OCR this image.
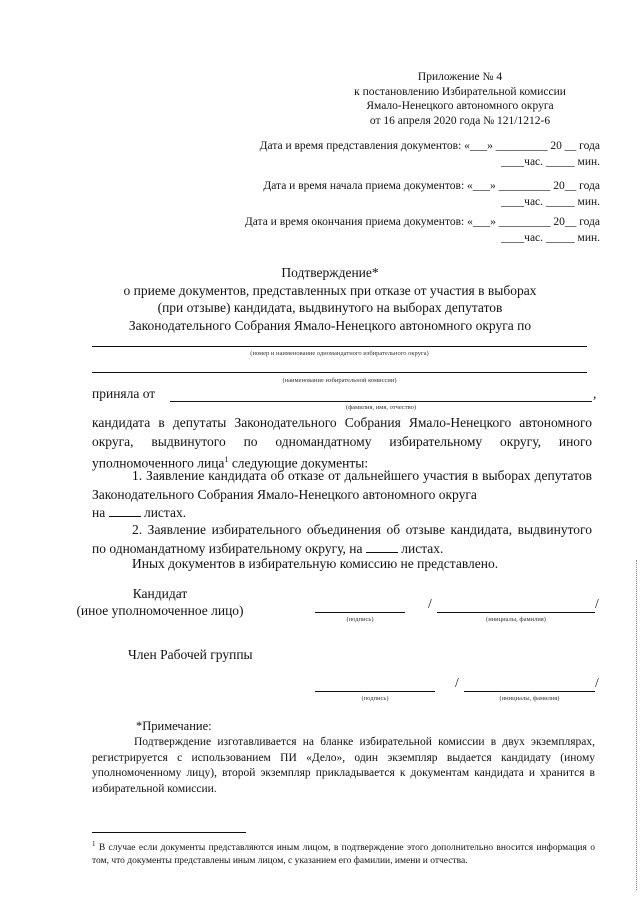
Приложение № 4
к постановлению Избирательной комиссии
Ямало-Ненецкого автономного округа
от 16 апреля 2020 года № 121/1212-6
Дата и время представления документов: «___» _________ 20 __ года
____час. _____ мин.
Дата и время начала приема документов: «___» _________ 20__ года
____час. _____ мин.
Дата и время окончания приема документов: «___» _________ 20__ года
____час. _____ мин.
Подтверждение*
о приеме документов, представленных при отказе от участия в выборах
(при отзыве) кандидата, выдвинутого на выборах депутатов
Законодательного Собрания Ямало-Ненецкого автономного округа по
(номер и наименование одномандатного избирательного округа)
(наименование избирательной комиссии)
приняла от	,
(фамилия, имя, отчество)
кандидата в депутаты Законодательного Собрания Ямало-Ненецкого автономного округа, выдвинутого по одномандатному избирательному округу, иного уполномоченного лица$^1$ следующие документы:
1. Заявление кандидата об отказе от дальнейшего участия в выборах депутатов Законодательного Собрания Ямало-Ненецкого автономного округа
на	листах.
2. Заявление избирательного объединения об отзыве кандидата, выдвинутого по одномандатному избирательному округу, на	листах.
Иных документов в избирательную комиссию не представлено.
Кандидат
(иное уполномоченное лицо)
(подпись)
/	/
(инициалы, фамилия)
Член Рабочей группы
(подпись)
/	/
(инициалы, фамилия)
*Примечание:
Подтверждение изготавливается на бланке избирательной комиссии в двух экземплярах, регистрируется с использованием ПИ «Дело», один экземпляр выдается кандидату (иному уполномоченному лицу), второй экземпляр прикладывается к документам кандидата и хранится в избирательной комиссии.
$^1$ В случае если документы представляются иным лицом, в подтверждение этого дополнительно вносится информация о том, что документы представлены иным лицом, с указанием его фамилии, имени и отчества.
